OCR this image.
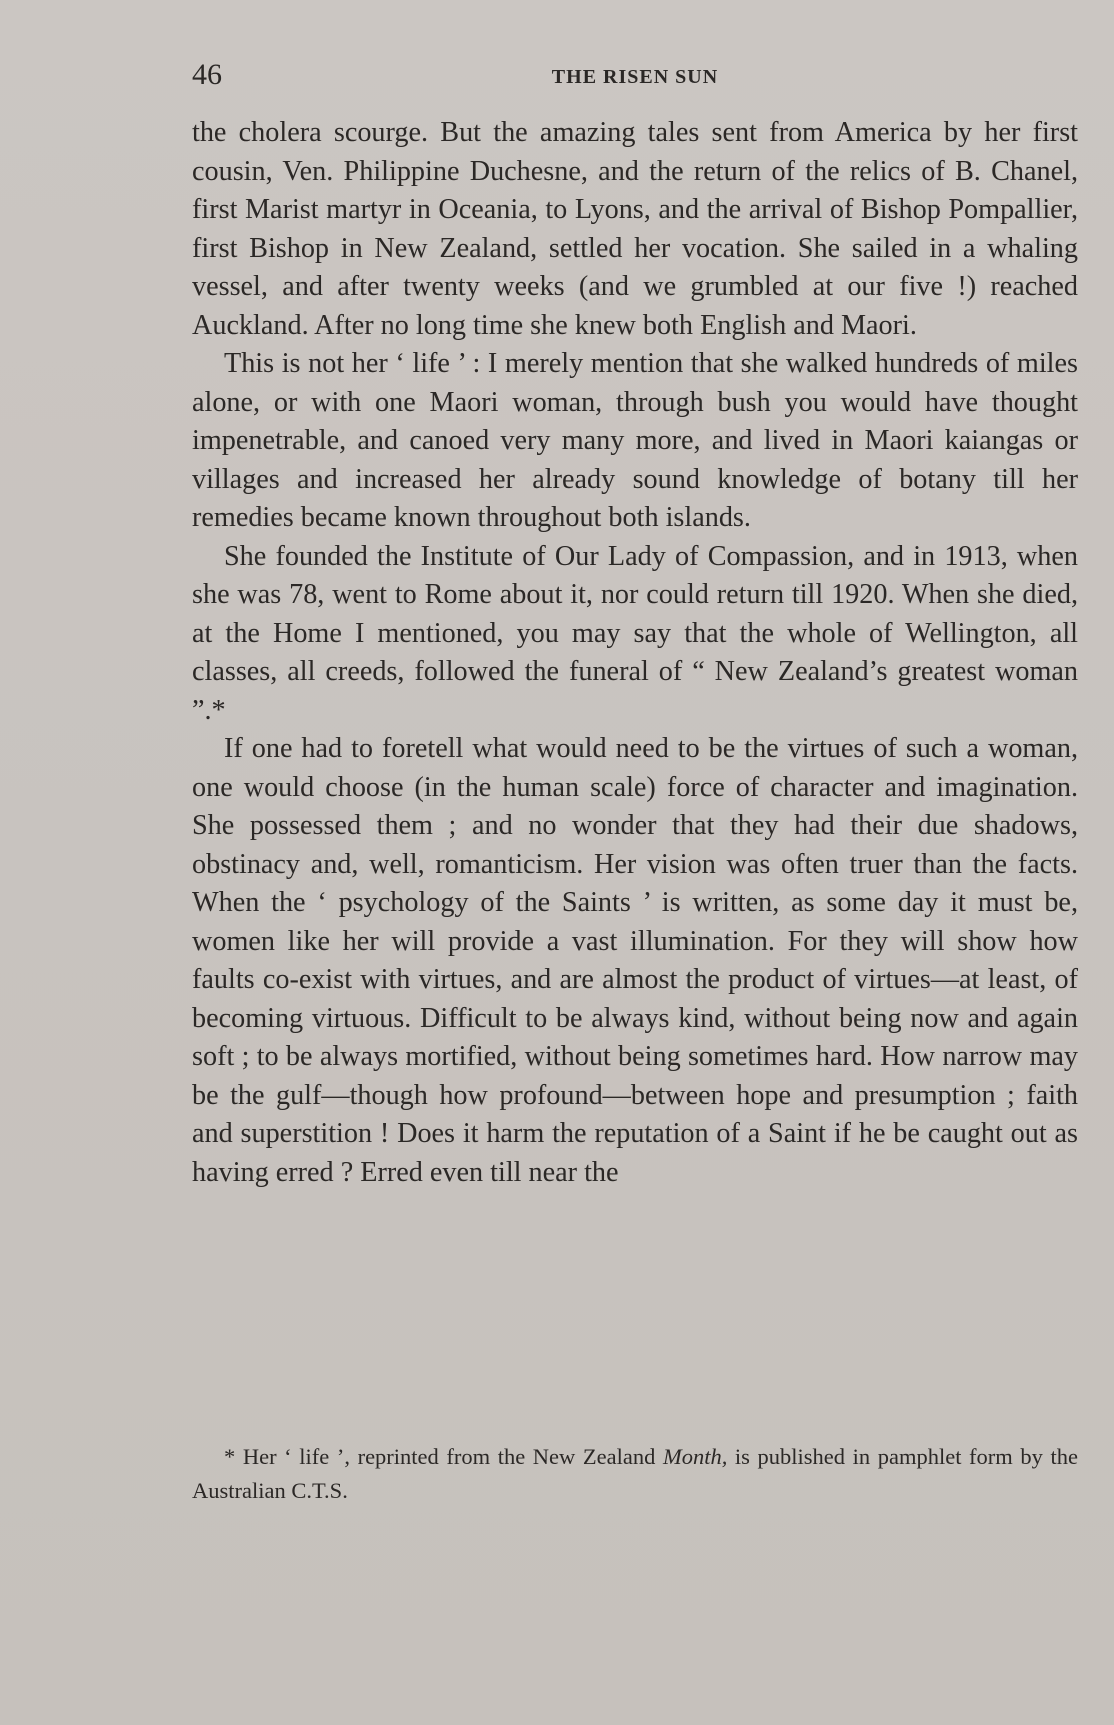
46	THE RISEN SUN

the cholera scourge. But the amazing tales sent from America by her first cousin, Ven. Philippine Duchesne, and the return of the relics of B. Chanel, first Marist martyr in Oceania, to Lyons, and the arrival of Bishop Pompallier, first Bishop in New Zealand, settled her vocation. She sailed in a whaling vessel, and after twenty weeks (and we grumbled at our five !) reached Auckland. After no long time she knew both English and Maori.

This is not her ‘ life ’ : I merely mention that she walked hundreds of miles alone, or with one Maori woman, through bush you would have thought impenetrable, and canoed very many more, and lived in Maori kaiangas or villages and increased her already sound knowledge of botany till her remedies became known throughout both islands.

She founded the Institute of Our Lady of Compassion, and in 1913, when she was 78, went to Rome about it, nor could return till 1920. When she died, at the Home I mentioned, you may say that the whole of Wellington, all classes, all creeds, followed the funeral of “ New Zealand’s greatest woman ”.*

If one had to foretell what would need to be the virtues of such a woman, one would choose (in the human scale) force of character and imagination. She possessed them ; and no wonder that they had their due shadows, obstinacy and, well, romanticism. Her vision was often truer than the facts. When the ‘ psychology of the Saints ’ is written, as some day it must be, women like her will provide a vast illumination. For they will show how faults co-exist with virtues, and are almost the product of virtues—at least, of becoming virtuous. Difficult to be always kind, without being now and again soft ; to be always mortified, without being sometimes hard. How narrow may be the gulf—though how profound—between hope and presumption ; faith and superstition ! Does it harm the reputation of a Saint if he be caught out as having erred ? Erred even till near the

* Her ‘ life ’, reprinted from the New Zealand Month, is published in pamphlet form by the Australian C.T.S.
